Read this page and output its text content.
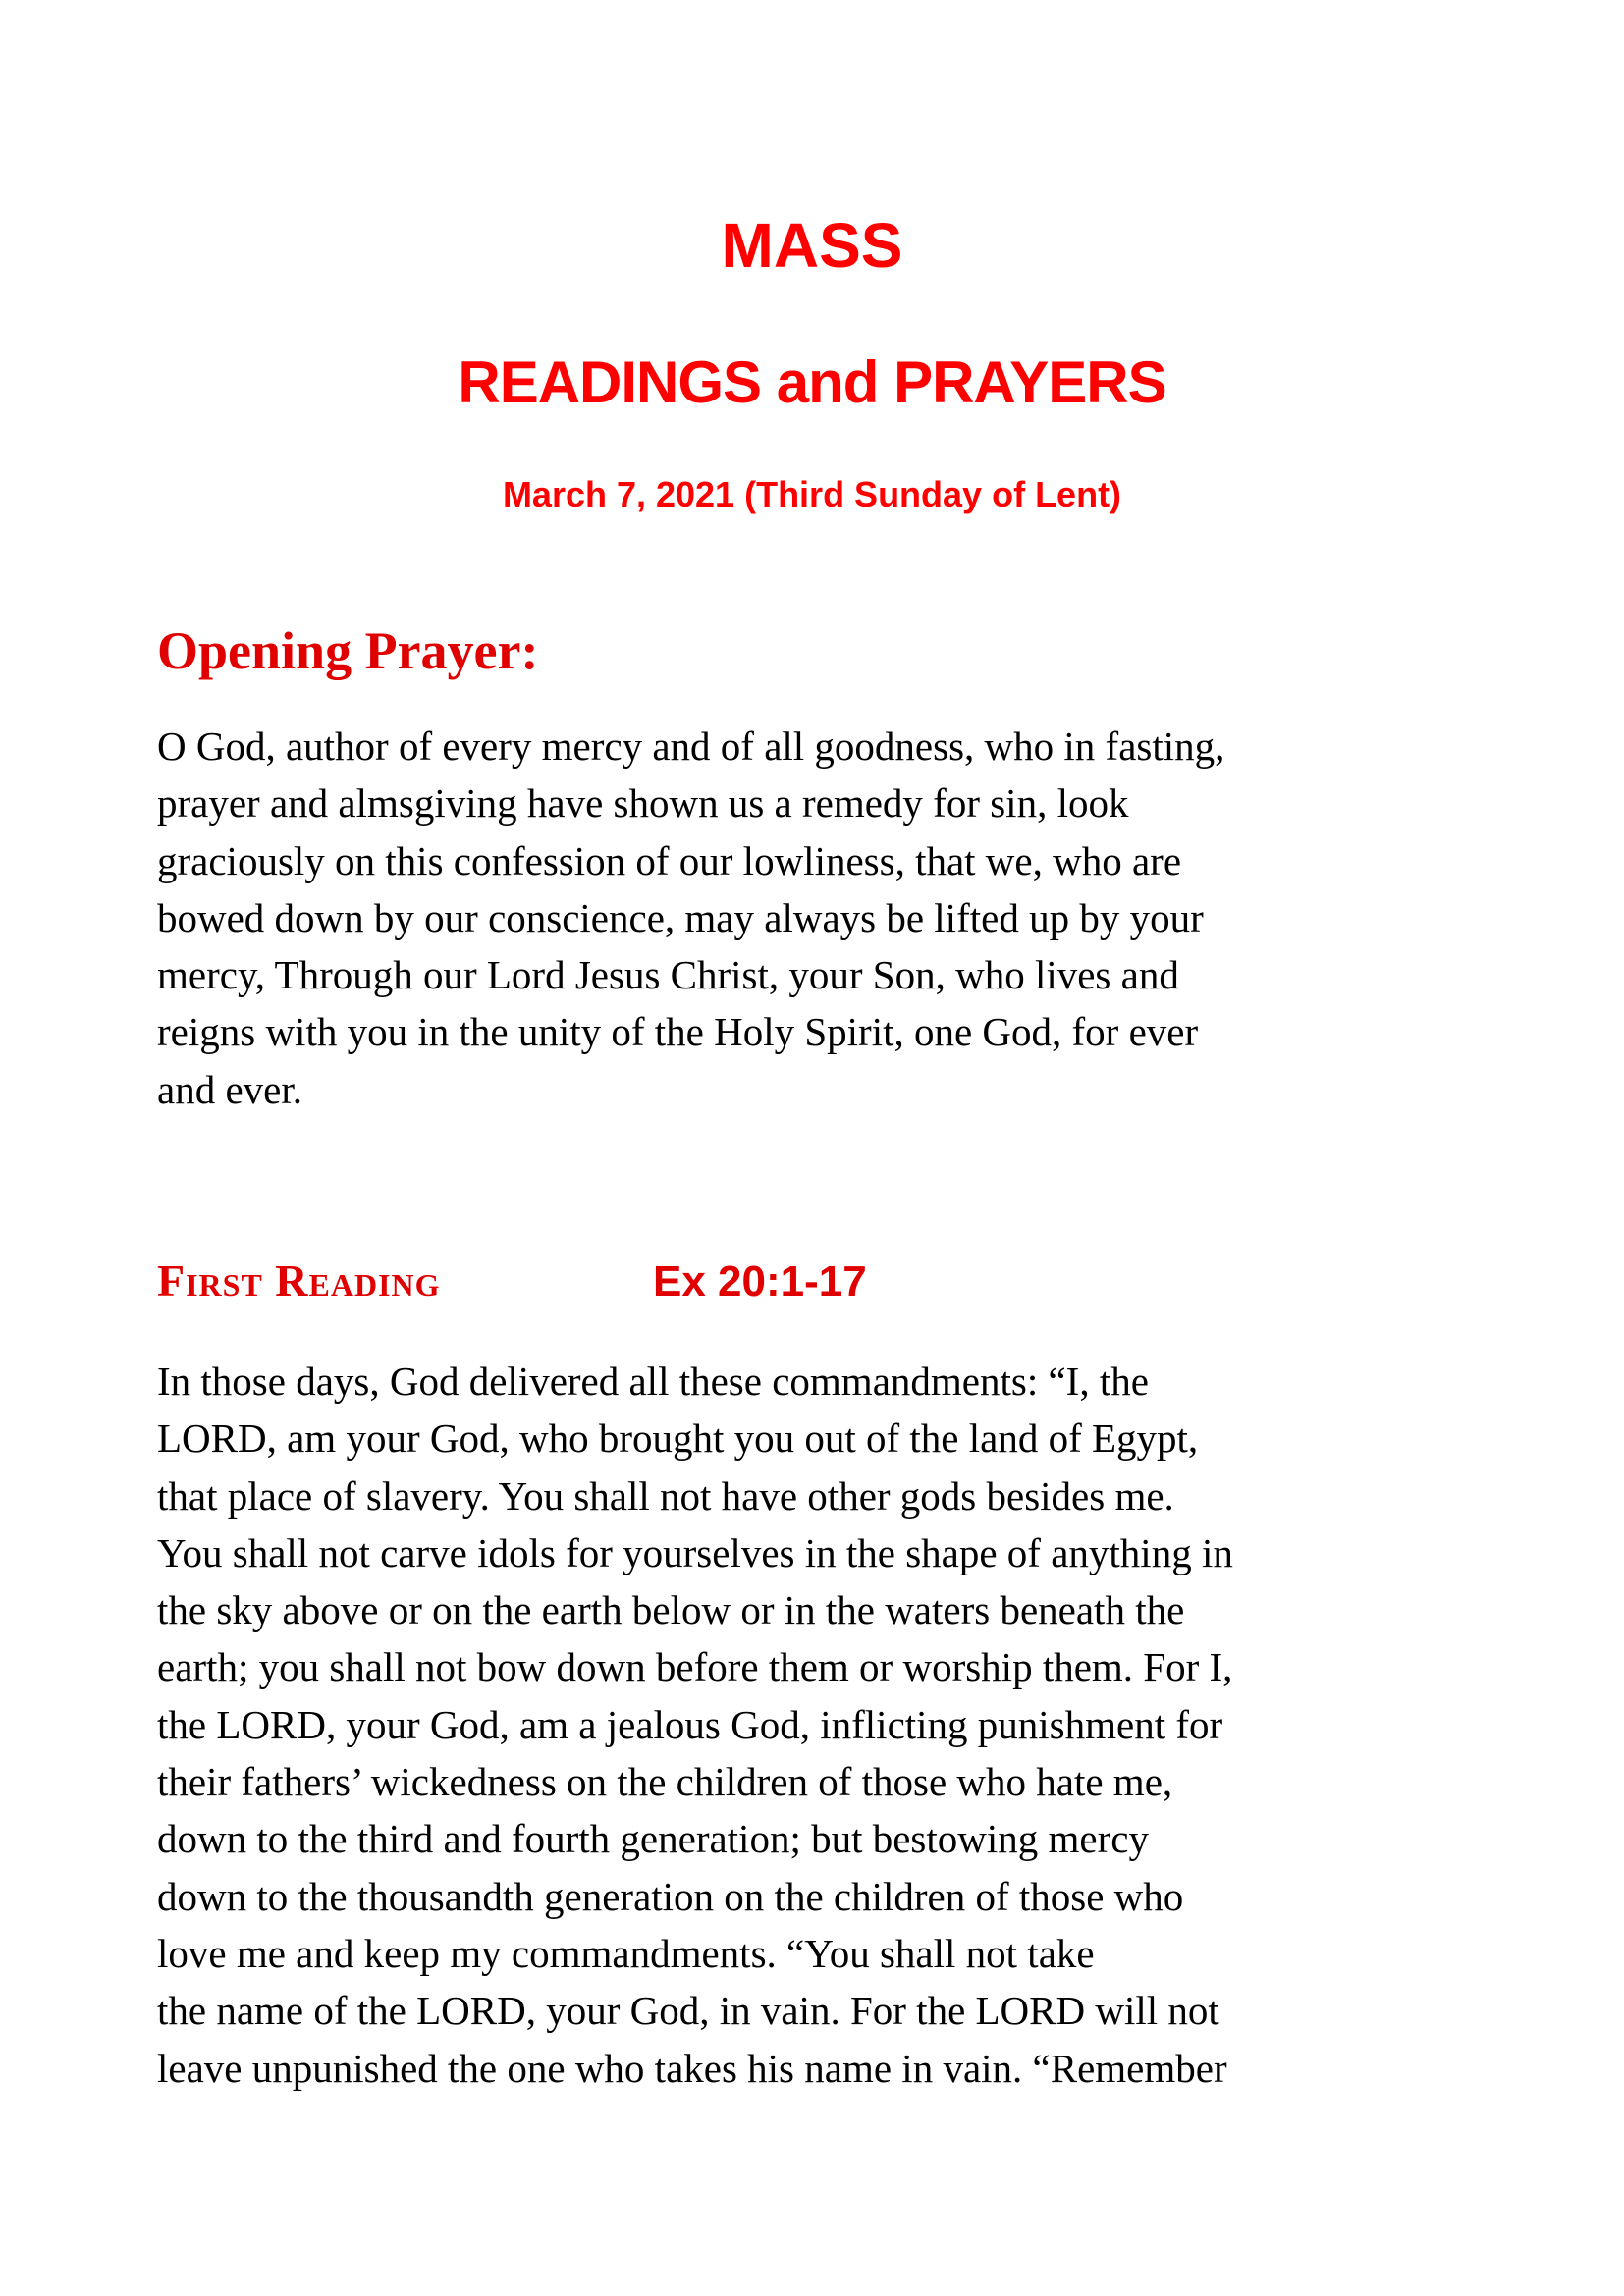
MASS
READINGS and PRAYERS
March 7, 2021 (Third Sunday of Lent)
Opening Prayer:
O God, author of every mercy and of all goodness, who in fasting,
prayer and almsgiving have shown us a remedy for sin, look
graciously on this confession of our lowliness, that we, who are
bowed down by our conscience, may always be lifted up by your
mercy, Through our Lord Jesus Christ, your Son, who lives and
reigns with you in the unity of the Holy Spirit, one God, for ever
and ever.
First Reading	Ex 20:1-17
In those days, God delivered all these commandments: “I, the
LORD, am your God, who brought you out of the land of Egypt,
that place of slavery. You shall not have other gods besides me.
You shall not carve idols for yourselves in the shape of anything in
the sky above or on the earth below or in the waters beneath the
earth; you shall not bow down before them or worship them. For I,
the LORD, your God, am a jealous God, inflicting punishment for
their fathers’ wickedness on the children of those who hate me,
down to the third and fourth generation; but bestowing mercy
down to the thousandth generation on the children of those who
love me and keep my commandments. “You shall not take
the name of the LORD, your God, in vain. For the LORD will not
leave unpunished the one who takes his name in vain. “Remember
